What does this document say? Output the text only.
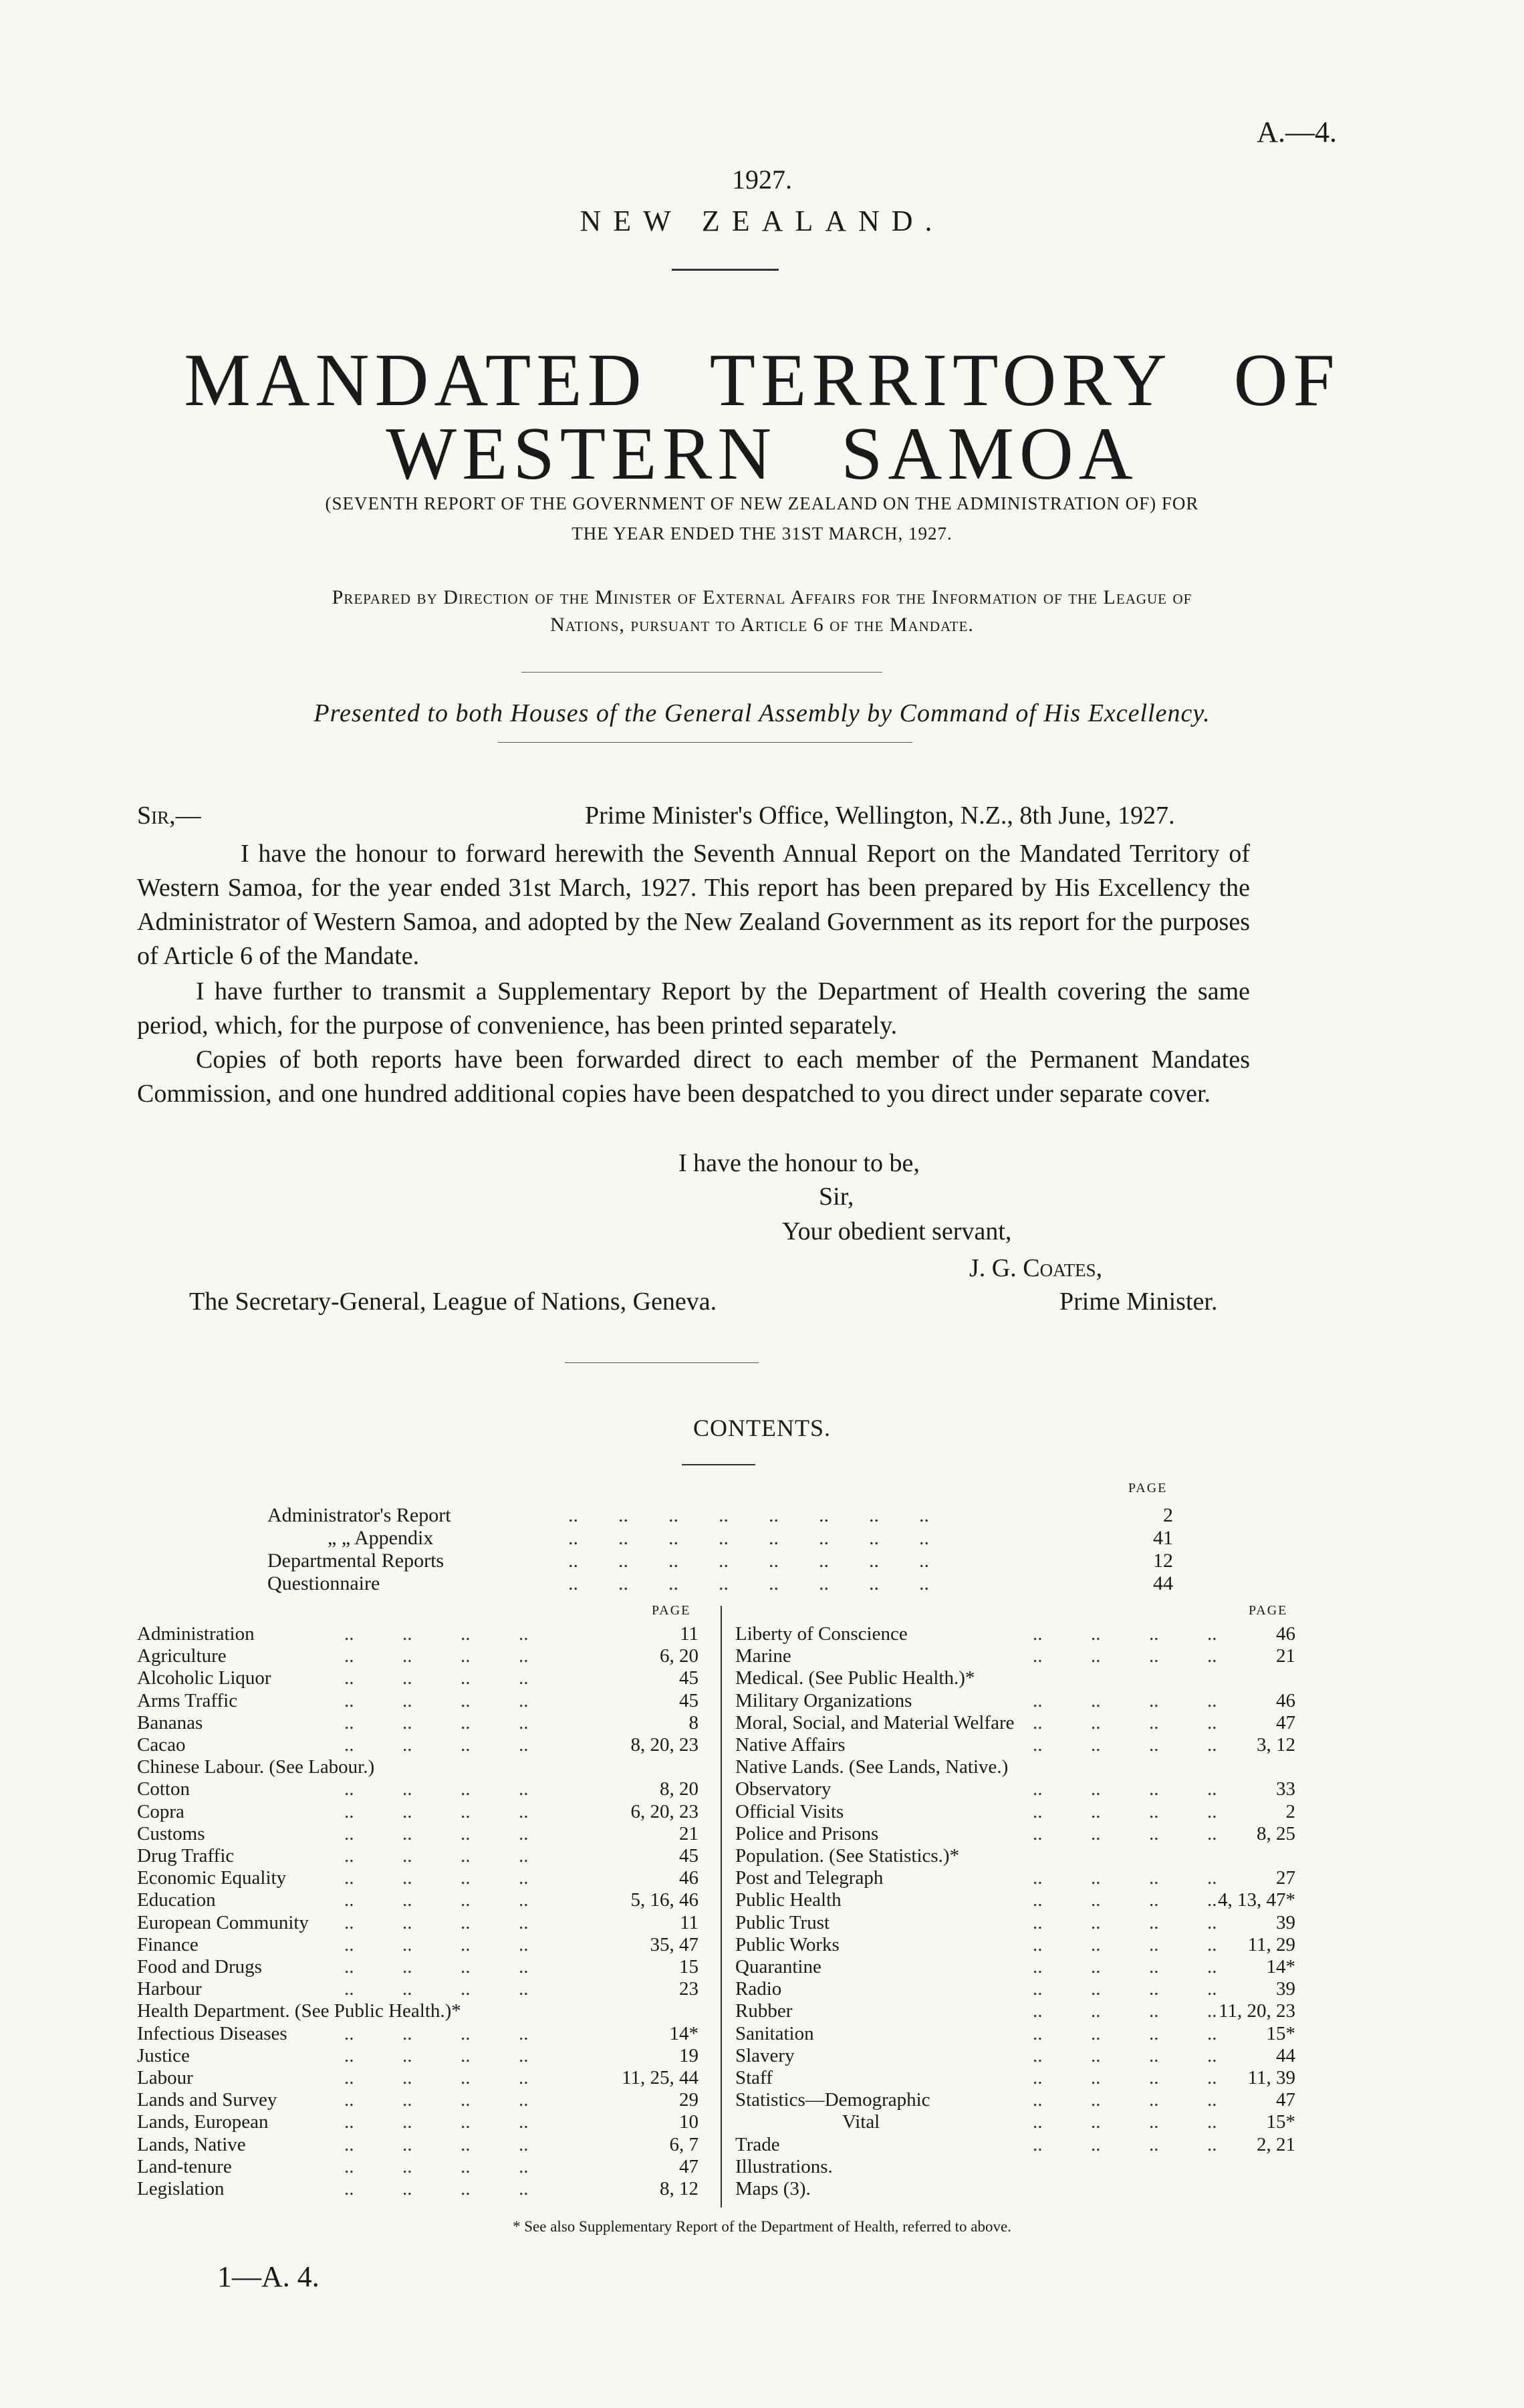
A.—4.
1927.
NEW ZEALAND.
MANDATED TERRITORY OF
WESTERN SAMOA
(SEVENTH REPORT OF THE GOVERNMENT OF NEW ZEALAND ON THE ADMINISTRATION OF) FOR
THE YEAR ENDED THE 31ST MARCH, 1927.
Prepared by Direction of the Minister of External Affairs for the Information of the League of
Nations, pursuant to Article 6 of the Mandate.
Presented to both Houses of the General Assembly by Command of His Excellency.
Sir,—	Prime Minister's Office, Wellington, N.Z., 8th June, 1927.
I have the honour to forward herewith the Seventh Annual Report on the Mandated Territory of Western Samoa, for the year ended 31st March, 1927. This report has been prepared by His Excellency the Administrator of Western Samoa, and adopted by the New Zealand Government as its report for the purposes of Article 6 of the Mandate.
I have further to transmit a Supplementary Report by the Department of Health covering the same period, which, for the purpose of convenience, has been printed separately.
Copies of both reports have been forwarded direct to each member of the Permanent Mandates Commission, and one hundred additional copies have been despatched to you direct under separate cover.
I have the honour to be,
Sir,
Your obedient servant,
J. G. Coates,
The Secretary-General, League of Nations, Geneva.	Prime Minister.
CONTENTS.
PAGE
Administrator's Report	..  ..  ..  ..  ..  ..  ..  ..	2
„ „ Appendix	..  ..  ..  ..  ..  ..  ..  ..	41
Departmental Reports	..  ..  ..  ..  ..  ..  ..  ..	12
Questionnaire	..  ..  ..  ..  ..  ..  ..  ..	44
PAGE	PAGE
Administration	..   ..   ..   ..	11
Agriculture	..   ..   ..   ..	6, 20
Alcoholic Liquor	..   ..   ..   ..	45
Arms Traffic	..   ..   ..   ..	45
Bananas	..   ..   ..   ..	8
Cacao	..   ..   ..   ..	8, 20, 23
Chinese Labour. (See Labour.)
Cotton	..   ..   ..   ..	8, 20
Copra	..   ..   ..   ..	6, 20, 23
Customs	..   ..   ..   ..	21
Drug Traffic	..   ..   ..   ..	45
Economic Equality	..   ..   ..   ..	46
Education	..   ..   ..   ..	5, 16, 46
European Community ..   ..   ..   ..	11
Finance	..   ..   ..   ..	35, 47
Food and Drugs	..   ..   ..   ..	15
Harbour	..   ..   ..   ..	23
Health Department. (See Public Health.)*
Infectious Diseases	..   ..   ..   ..	14*
Justice	..   ..   ..   ..	19
Labour	..   ..   ..   ..	11, 25, 44
Lands and Survey	..   ..   ..   ..	29
Lands, European	..   ..   ..   ..	10
Lands, Native	..   ..   ..   ..	6, 7
Land-tenure	..   ..   ..   ..	47
Legislation	..   ..   ..   ..	8, 12
Liberty of Conscience	..   ..   ..   ..	46
Marine	..   ..   ..   ..	21
Medical. (See Public Health.)*
Military Organizations	..   ..   ..   ..	46
Moral, Social, and Material Welfare ..   ..   ..   ..	47
Native Affairs	..   ..   ..   .. 3, 12
Native Lands. (See Lands, Native.)
Observatory	..   ..   ..   ..	33
Official Visits	..   ..   ..   ..	2
Police and Prisons	..   ..   ..   .. 8, 25
Population. (See Statistics.)*
Post and Telegraph	..   ..   ..   ..	27
Public Health	..   ..   ..   .. 4, 13, 47*
Public Trust	..   ..   ..   ..	39
Public Works	..   ..   ..   .. 11, 29
Quarantine	..   ..   ..   ..	14*
Radio	..   ..   ..   ..	39
Rubber	..   ..   ..   .. 11, 20, 23
Sanitation	..   ..   ..   ..	15*
Slavery	..   ..   ..   ..	44
Staff	..   ..   ..   .. 11, 39
Statistics—Demographic	..   ..   ..   ..	47
Vital	..   ..   ..   ..	15*
Trade	..   ..   ..   .. 2, 21
Illustrations.
Maps (3).
* See also Supplementary Report of the Department of Health, referred to above.
1—A. 4.
